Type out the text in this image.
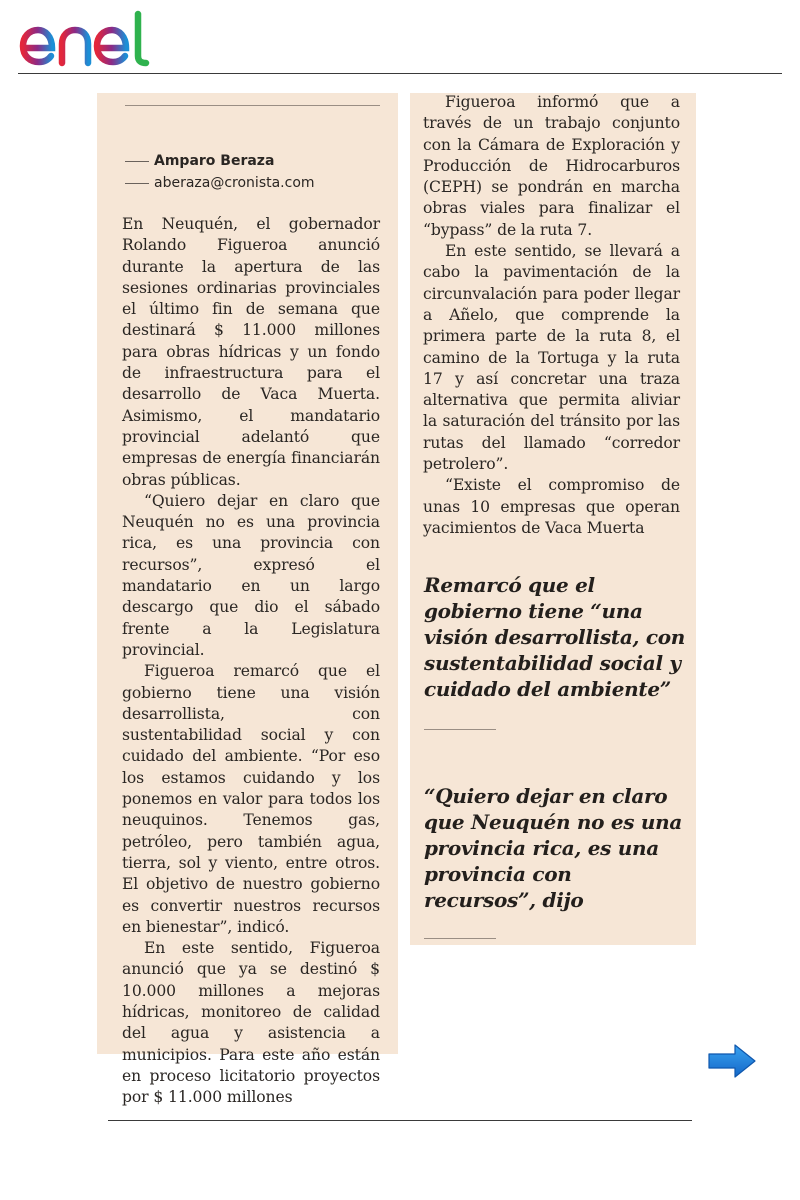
Amparo Beraza
aberaza@cronista.com

En Neuquén, el gobernador Rolando Figueroa anunció durante la apertura de las sesiones ordinarias provinciales el último fin de semana que destinará $ 11.000 millones para obras hídricas y un fondo de infraestructura para el desarrollo de Vaca Muerta. Asimismo, el mandatario provincial adelantó que empresas de energía financiarán obras públicas.

“Quiero dejar en claro que Neuquén no es una provincia rica, es una provincia con recursos”, expresó el mandatario en un largo descargo que dio el sábado frente a la Legislatura provincial.

Figueroa remarcó que el gobierno tiene una visión desarrollista, con sustentabilidad social y con cuidado del ambiente. “Por eso los estamos cuidando y los ponemos en valor para todos los neuquinos. Tenemos gas, petróleo, pero también agua, tierra, sol y viento, entre otros. El objetivo de nuestro gobierno es convertir nuestros recursos en bienestar”, indicó.

En este sentido, Figueroa anunció que ya se destinó $ 10.000 millones a mejoras hídricas, monitoreo de calidad del agua y asistencia a municipios. Para este año están en proceso licitatorio proyectos por $ 11.000 millones

Figueroa informó que a través de un trabajo conjunto con la Cámara de Exploración y Producción de Hidrocarburos (CEPH) se pondrán en marcha obras viales para finalizar el “bypass” de la ruta 7.

En este sentido, se llevará a cabo la pavimentación de la circunvalación para poder llegar a Añelo, que comprende la primera parte de la ruta 8, el camino de la Tortuga y la ruta 17 y así concretar una traza alternativa que permita aliviar la saturación del tránsito por las rutas del llamado “corredor petrolero”.

“Existe el compromiso de unas 10 empresas que operan yacimientos de Vaca Muerta

Remarcó que el gobierno tiene “una visión desarrollista, con sustentabilidad social y cuidado del ambiente”
“Quiero dejar en claro que Neuquén no es una provincia rica, es una provincia con recursos”, dijo
